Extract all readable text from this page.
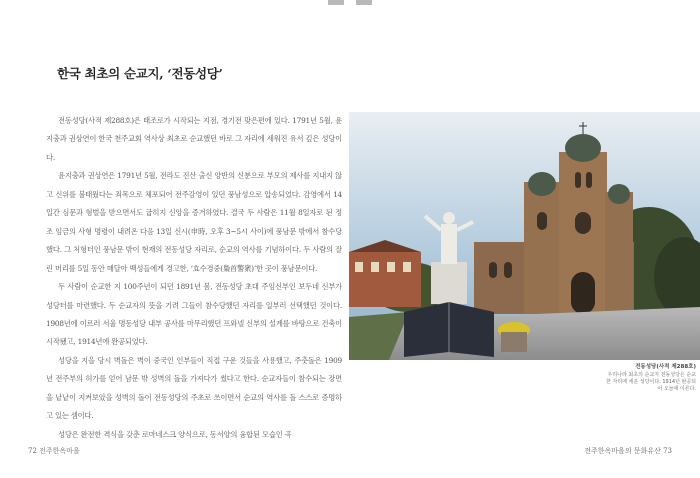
한국 최초의 순교지, ‘전동성당’

전동성당(사적 제288호)은 태조로가 시작되는 지점, 경기전 맞은편에 있다. 1791년 5월, 윤지충과 권상연이 한국 천주교회 역사상 최초로 순교했던 바로 그 자리에 세워진 유서 깊은 성당이다.

윤지충과 권상연은 1791년 5월, 전라도 진산 출신 양반의 신분으로 부모의 제사를 지내지 않고 신위를 불태웠다는 죄목으로 체포되어 전주감영이 있던 풍남성으로 압송되었다. 감영에서 14일간 심문과 형벌을 받으면서도 굽히지 신앙을 증거하였다. 결국 두 사람은 11월 8일자로 된 정조 임금의 사형 명령이 내려온 다음 13일 신시(申時, 오후 3~5시 사이)에 풍남문 밖에서 참수당했다. 그 처형터인 풍남문 밖이 현재의 전동성당 자리로, 순교의 역사를 기념하이다. 두 사람의 잘린 머리를 5일 동안 매달아 백성들에게 경고한, ‘효수경중(梟首警衆)’한 곳이 풍남문이다.

두 사람이 순교한 지 100주년이 되던 1891년 봄, 전동성당 초대 주임신부인 보두네 신부가 성당터를 마련했다. 두 순교자의 뜻을 기려 그들이 참수당했던 자리를 일부러 선택했던 것이다. 1908년에 이르러 서울 명동성당 내부 공사를 마무리했던 프와넬 신부의 설계를 바탕으로 건축이 시작됐고, 1914년에 완공되었다.

성당을 지을 당시 벽돌은 벽이 중국인 인부들이 직접 구운 것들을 사용했고, 주춧돌은 1909년 전주부의 허가를 얻어 남문 밖 성벽의 돌을 가져다가 썼다고 한다. 순교자들이 참수되는 장면을 낱낱이 지켜보았을 성벽의 돌이 전동성당의 주초로 쓰이면서 순교의 역사를 돌 스스로 증명하고 있는 셈이다.

성당은 완전한 격식을 갖춘 로마네스크 양식으로, 동서양의 융합된 모습인 곡

전동성당(사적 제288호)

우리나라 최초의 순교지 전동성당은 순교한 자리에 세운 성당이다. 1914년 완공되어 오늘에 이른다.

72 전주한옥마을	전주한옥마을의 문화유산 73
